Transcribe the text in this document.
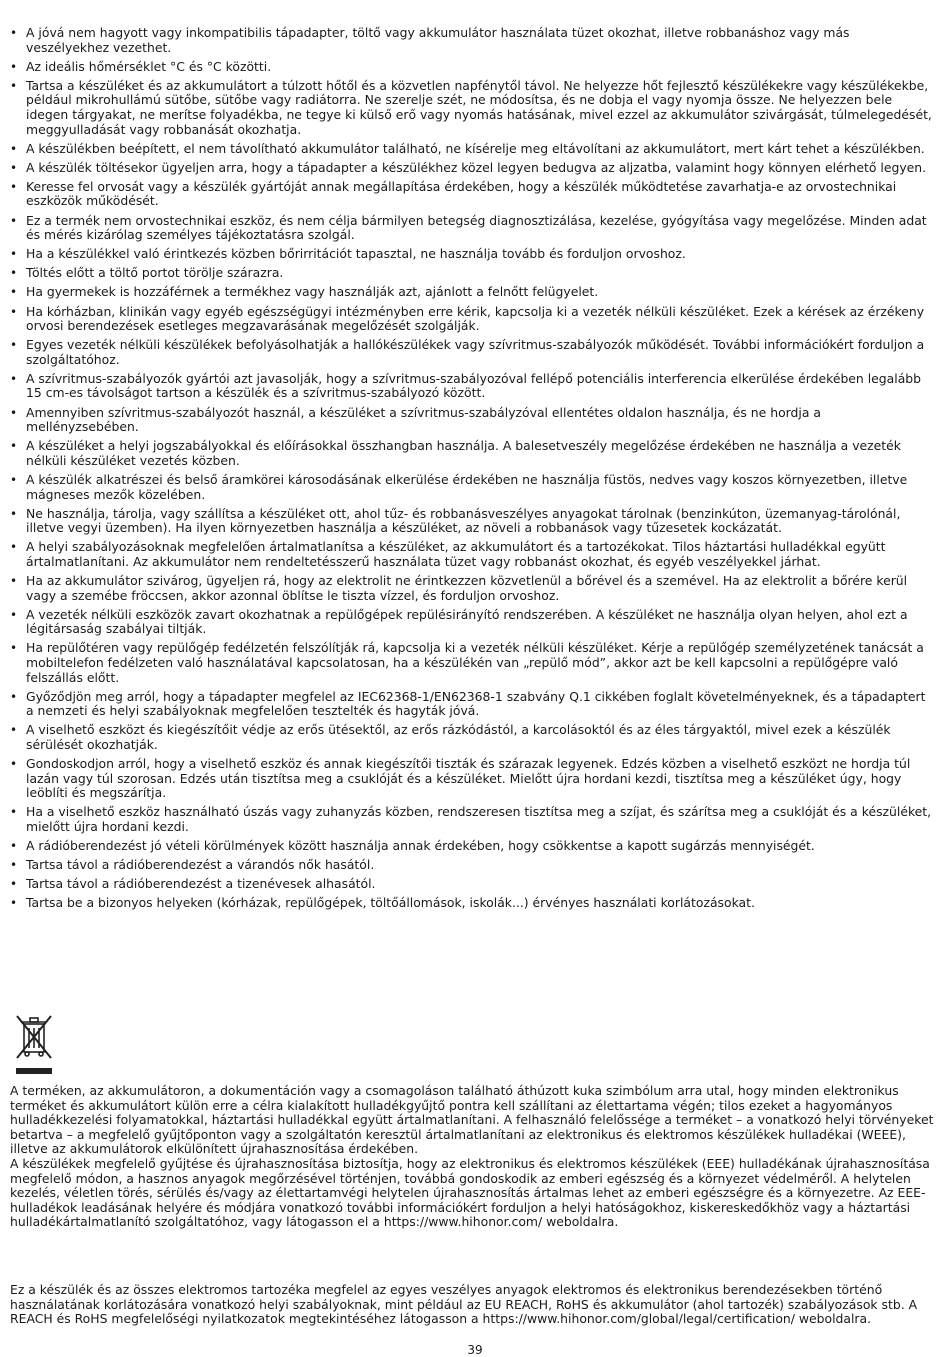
• A jóvá nem hagyott vagy inkompatibilis tápadapter, töltő vagy akkumulátor használata tüzet okozhat, illetve robbanáshoz vagy más veszélyekhez vezethet.
• Az ideális hőmérséklet °C és °C közötti.
• Tartsa a készüléket és az akkumulátort a túlzott hőtől és a közvetlen napfénytől távol. Ne helyezze hőt fejlesztő készülékekre vagy készülékekbe, például mikrohullámú sütőbe, sütőbe vagy radiátorra. Ne szerelje szét, ne módosítsa, és ne dobja el vagy nyomja össze. Ne helyezzen bele idegen tárgyakat, ne merítse folyadékba, ne tegye ki külső erő vagy nyomás hatásának, mivel ezzel az akkumulátor szivárgását, túlmelegedését, meggyulladását vagy robbanását okozhatja.
• A készülékben beépített, el nem távolítható akkumulátor található, ne kísérelje meg eltávolítani az akkumulátort, mert kárt tehet a készülékben.
• A készülék töltésekor ügyeljen arra, hogy a tápadapter a készülékhez közel legyen bedugva az aljzatba, valamint hogy könnyen elérhető legyen.
• Keresse fel orvosát vagy a készülék gyártóját annak megállapítása érdekében, hogy a készülék működtetése zavarhatja-e az orvostechnikai eszközök működését.
• Ez a termék nem orvostechnikai eszköz, és nem célja bármilyen betegség diagnosztizálása, kezelése, gyógyítása vagy megelőzése. Minden adat és mérés kizárólag személyes tájékoztatásra szolgál.
• Ha a készülékkel való érintkezés közben bőrirritációt tapasztal, ne használja tovább és forduljon orvoshoz.
• Töltés előtt a töltő portot törölje szárazra.
• Ha gyermekek is hozzáférnek a termékhez vagy használják azt, ajánlott a felnőtt felügyelet.
• Ha kórházban, klinikán vagy egyéb egészségügyi intézményben erre kérik, kapcsolja ki a vezeték nélküli készüléket. Ezek a kérések az érzékeny orvosi berendezések esetleges megzavarásának megelőzését szolgálják.
• Egyes vezeték nélküli készülékek befolyásolhatják a hallókészülékek vagy szívritmus-szabályozók működését. További információkért forduljon a szolgáltatóhoz.
• A szívritmus-szabályozók gyártói azt javasolják, hogy a szívritmus-szabályozóval fellépő potenciális interferencia elkerülése érdekében legalább 15 cm-es távolságot tartson a készülék és a szívritmus-szabályozó között.
• Amennyiben szívritmus-szabályozót használ, a készüléket a szívritmus-szabályzóval ellentétes oldalon használja, és ne hordja a mellényzsebében.
• A készüléket a helyi jogszabályokkal és előírásokkal összhangban használja. A balesetveszély megelőzése érdekében ne használja a vezeték nélküli készüléket vezetés közben.
• A készülék alkatrészei és belső áramkörei károsodásának elkerülése érdekében ne használja füstös, nedves vagy koszos környezetben, illetve mágneses mezők közelében.
• Ne használja, tárolja, vagy szállítsa a készüléket ott, ahol tűz- és robbanásveszélyes anyagokat tárolnak (benzinkúton, üzemanyag-tárolónál, illetve vegyi üzemben). Ha ilyen környezetben használja a készüléket, az növeli a robbanások vagy tűzesetek kockázatát.
• A helyi szabályozásoknak megfelelően ártalmatlanítsa a készüléket, az akkumulátort és a tartozékokat. Tilos háztartási hulladékkal együtt ártalmatlanítani. Az akkumulátor nem rendeltetésszerű használata tüzet vagy robbanást okozhat, és egyéb veszélyekkel járhat.
• Ha az akkumulátor szivárog, ügyeljen rá, hogy az elektrolit ne érintkezzen közvetlenül a bőrével és a szemével. Ha az elektrolit a bőrére kerül vagy a szemébe fröccsen, akkor azonnal öblítse le tiszta vízzel, és forduljon orvoshoz.
• A vezeték nélküli eszközök zavart okozhatnak a repülőgépek repülésirányító rendszerében. A készüléket ne használja olyan helyen, ahol ezt a légitársaság szabályai tiltják.
• Ha repülőtéren vagy repülőgép fedélzetén felszólítják rá, kapcsolja ki a vezeték nélküli készüléket. Kérje a repülőgép személyzetének tanácsát a mobiltelefon fedélzeten való használatával kapcsolatosan, ha a készülékén van „repülő mód”, akkor azt be kell kapcsolni a repülőgépre való felszállás előtt.
• Győződjön meg arról, hogy a tápadapter megfelel az IEC62368-1/EN62368-1 szabvány Q.1 cikkében foglalt követelményeknek, és a tápadaptert a nemzeti és helyi szabályoknak megfelelően tesztelték és hagyták jóvá.
• A viselhető eszközt és kiegészítőit védje az erős ütésektől, az erős rázkódástól, a karcolásoktól és az éles tárgyaktól, mivel ezek a készülék sérülését okozhatják.
• Gondoskodjon arról, hogy a viselhető eszköz és annak kiegészítői tiszták és szárazak legyenek. Edzés közben a viselhető eszközt ne hordja túl lazán vagy túl szorosan. Edzés után tisztítsa meg a csuklóját és a készüléket. Mielőtt újra hordani kezdi, tisztítsa meg a készüléket úgy, hogy leöblíti és megszárítja.
• Ha a viselhető eszköz használható úszás vagy zuhanyzás közben, rendszeresen tisztítsa meg a szíjat, és szárítsa meg a csuklóját és a készüléket, mielőtt újra hordani kezdi.
• A rádióberendezést jó vételi körülmények között használja annak érdekében, hogy csökkentse a kapott sugárzás mennyiségét.
• Tartsa távol a rádióberendezést a várandós nők hasától.
• Tartsa távol a rádióberendezést a tizenévesek alhasától.
• Tartsa be a bizonyos helyeken (kórházak, repülőgépek, töltőállomások, iskolák...) érvényes használati korlátozásokat.

A terméken, az akkumulátoron, a dokumentáción vagy a csomagoláson található áthúzott kuka szimbólum arra utal, hogy minden elektronikus terméket és akkumulátort külön erre a célra kialakított hulladékgyűjtő pontra kell szállítani az élettartama végén; tilos ezeket a hagyományos hulladékkezelési folyamatokkal, háztartási hulladékkal együtt ártalmatlanítani. A felhasználó felelőssége a terméket – a vonatkozó helyi törvényeket betartva – a megfelelő gyűjtőponton vagy a szolgáltatón keresztül ártalmatlanítani az elektronikus és elektromos készülékek hulladékai (WEEE), illetve az akkumulátorok elkülönített újrahasznosítása érdekében.

A készülékek megfelelő gyűjtése és újrahasznosítása biztosítja, hogy az elektronikus és elektromos készülékek (EEE) hulladékának újrahasznosítása megfelelő módon, a hasznos anyagok megőrzésével történjen, továbbá gondoskodik az emberi egészség és a környezet védelméről. A helytelen kezelés, véletlen törés, sérülés és/vagy az élettartamvégi helytelen újrahasznosítás ártalmas lehet az emberi egészségre és a környezetre. Az EEE-hulladékok leadásának helyére és módjára vonatkozó további információkért forduljon a helyi hatóságokhoz, kiskereskedőkhöz vagy a háztartási hulladékártalmatlanító szolgáltatóhoz, vagy látogasson el a https://www.hihonor.com/ weboldalra.

Ez a készülék és az összes elektromos tartozéka megfelel az egyes veszélyes anyagok elektromos és elektronikus berendezésekben történő használatának korlátozására vonatkozó helyi szabályoknak, mint például az EU REACH, RoHS és akkumulátor (ahol tartozék) szabályozások stb. A REACH és RoHS megfelelőségi nyilatkozatok megtekintéséhez látogasson a https://www.hihonor.com/global/legal/certification/ weboldalra.

39
